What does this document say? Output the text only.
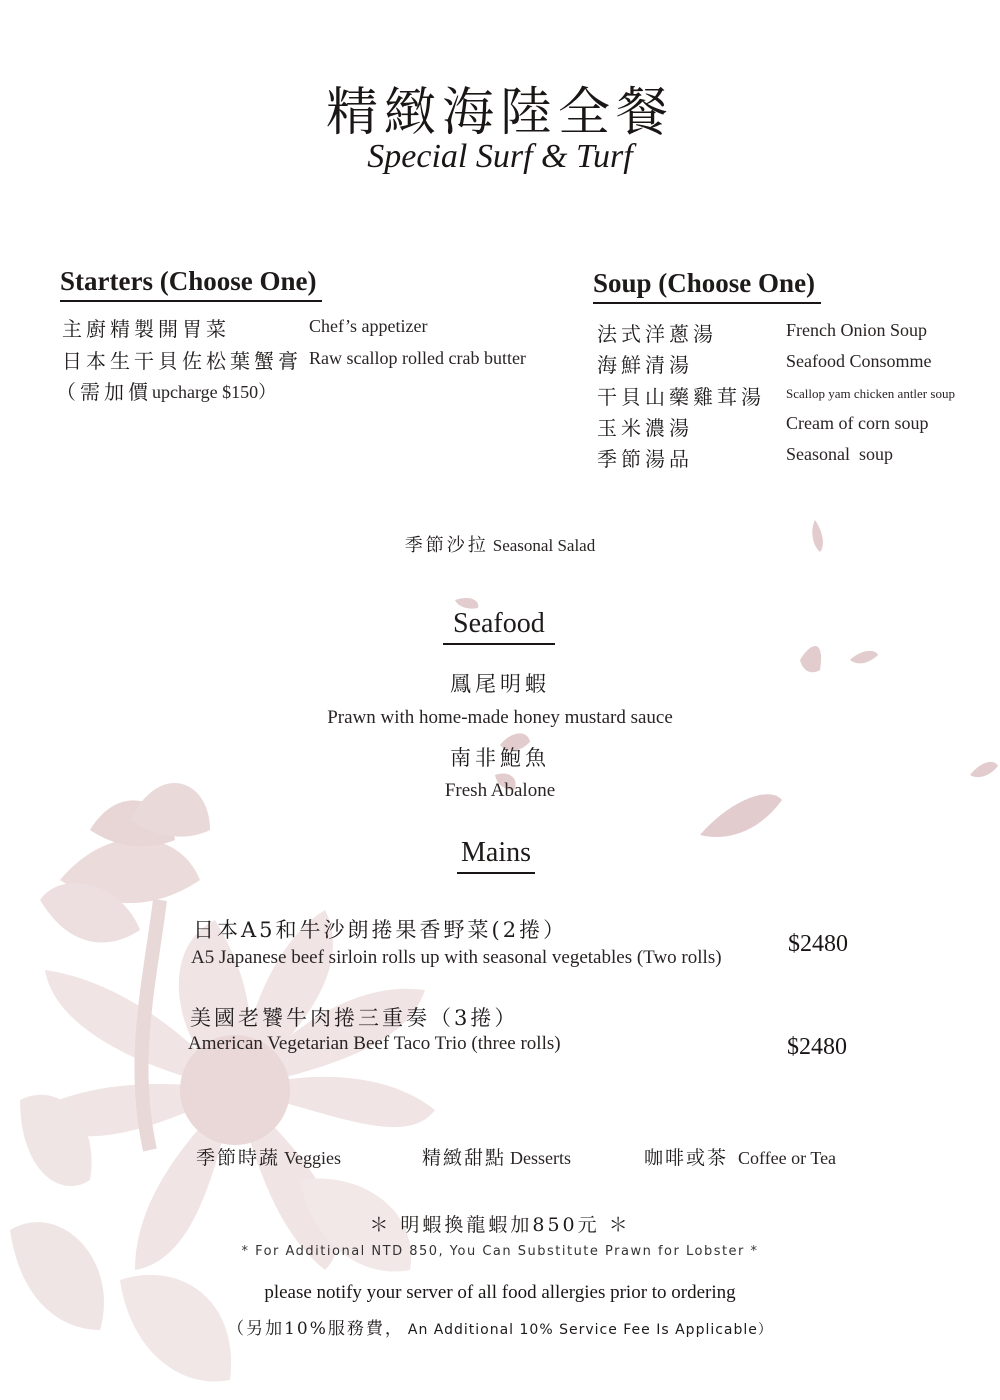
精緻海陸全餐
Special Surf & Turf
Starters (Choose One)
主廚精製開胃菜	Chef’s appetizer
日本生干貝佐松葉蟹膏 Raw scallop rolled crab butter
（需加價 upcharge $150）
Soup (Choose One)
法式洋蔥湯	French Onion Soup
海鮮清湯	Seafood Consomme
干貝山藥雞茸湯 Scallop yam chicken antler soup
玉米濃湯	Cream of corn soup
季節湯品	Seasonal  soup
季節沙拉 Seasonal Salad
Seafood
鳳尾明蝦
Prawn with home-made honey mustard sauce
南非鮑魚
Fresh Abalone
Mains
日本A5和牛沙朗捲果香野菜(2捲）
A5 Japanese beef sirloin rolls up with seasonal vegetables (Two rolls)
$2480
美國老饕牛肉捲三重奏（3捲）
American Vegetarian Beef Taco Trio (three rolls)	$2480
季節時蔬 Veggies	精緻甜點 Desserts	咖啡或茶 Coffee or Tea
＊ 明蝦換龍蝦加850元 ＊
* For Additional NTD 850, You Can Substitute Prawn for Lobster *
please notify your server of all food allergies prior to ordering
（另加10%服務費， An Additional 10% Service Fee Is Applicable）
